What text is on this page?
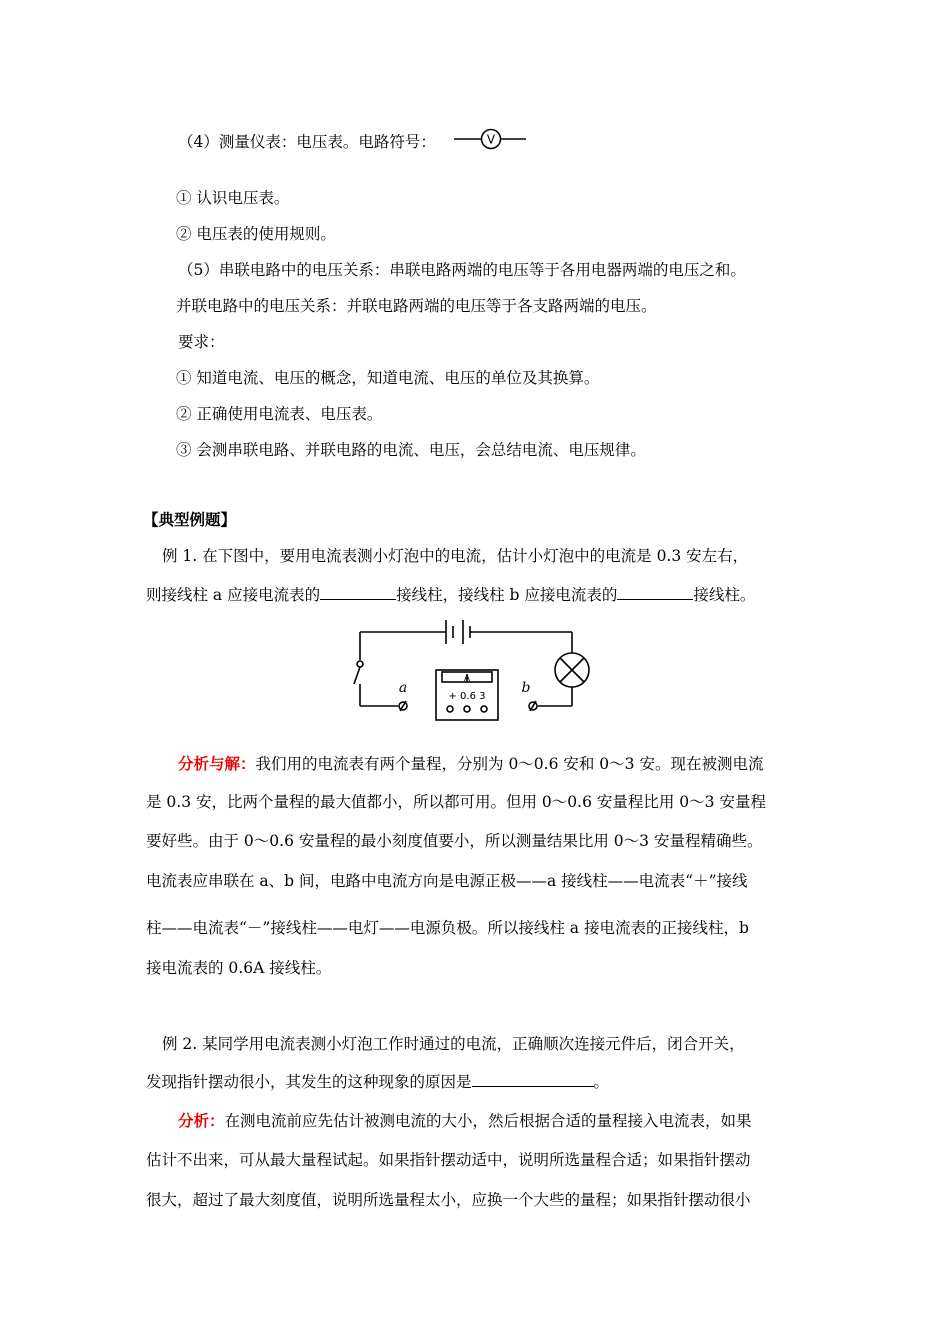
（4）测量仪表：电压表。电路符号：	V
① 认识电压表。
② 电压表的使用规则。
（5）串联电路中的电压关系：串联电路两端的电压等于各用电器两端的电压之和。
并联电路中的电压关系：并联电路两端的电压等于各支路两端的电压。
要求：
① 知道电流、电压的概念，知道电流、电压的单位及其换算。
② 正确使用电流表、电压表。
③ 会测串联电路、并联电路的电流、电压，会总结电流、电压规律。
【典型例题】
例 1. 在下图中，要用电流表测小灯泡中的电流，估计小灯泡中的电流是 0.3 安左右，
则接线柱 a 应接电流表的	接线柱，接线柱 b 应接电流表的	接线柱。
a	b
A
+ 0.6 3
分析与解：我们用的电流表有两个量程，分别为 0～0.6 安和 0～3 安。现在被测电流
是 0.3 安，比两个量程的最大值都小，所以都可用。但用 0～0.6 安量程比用 0～3 安量程
要好些。由于 0～0.6 安量程的最小刻度值要小，所以测量结果比用 0～3 安量程精确些。
电流表应串联在 a、b 间，电路中电流方向是电源正极——a 接线柱——电流表“＋”接线
柱——电流表“－”接线柱——电灯——电源负极。所以接线柱 a 接电流表的正接线柱，b
接电流表的 0.6A 接线柱。
例 2. 某同学用电流表测小灯泡工作时通过的电流，正确顺次连接元件后，闭合开关，
发现指针摆动很小，其发生的这种现象的原因是	。
分析：在测电流前应先估计被测电流的大小，然后根据合适的量程接入电流表，如果
估计不出来，可从最大量程试起。如果指针摆动适中，说明所选量程合适；如果指针摆动
很大，超过了最大刻度值，说明所选量程太小，应换一个大些的量程；如果指针摆动很小
